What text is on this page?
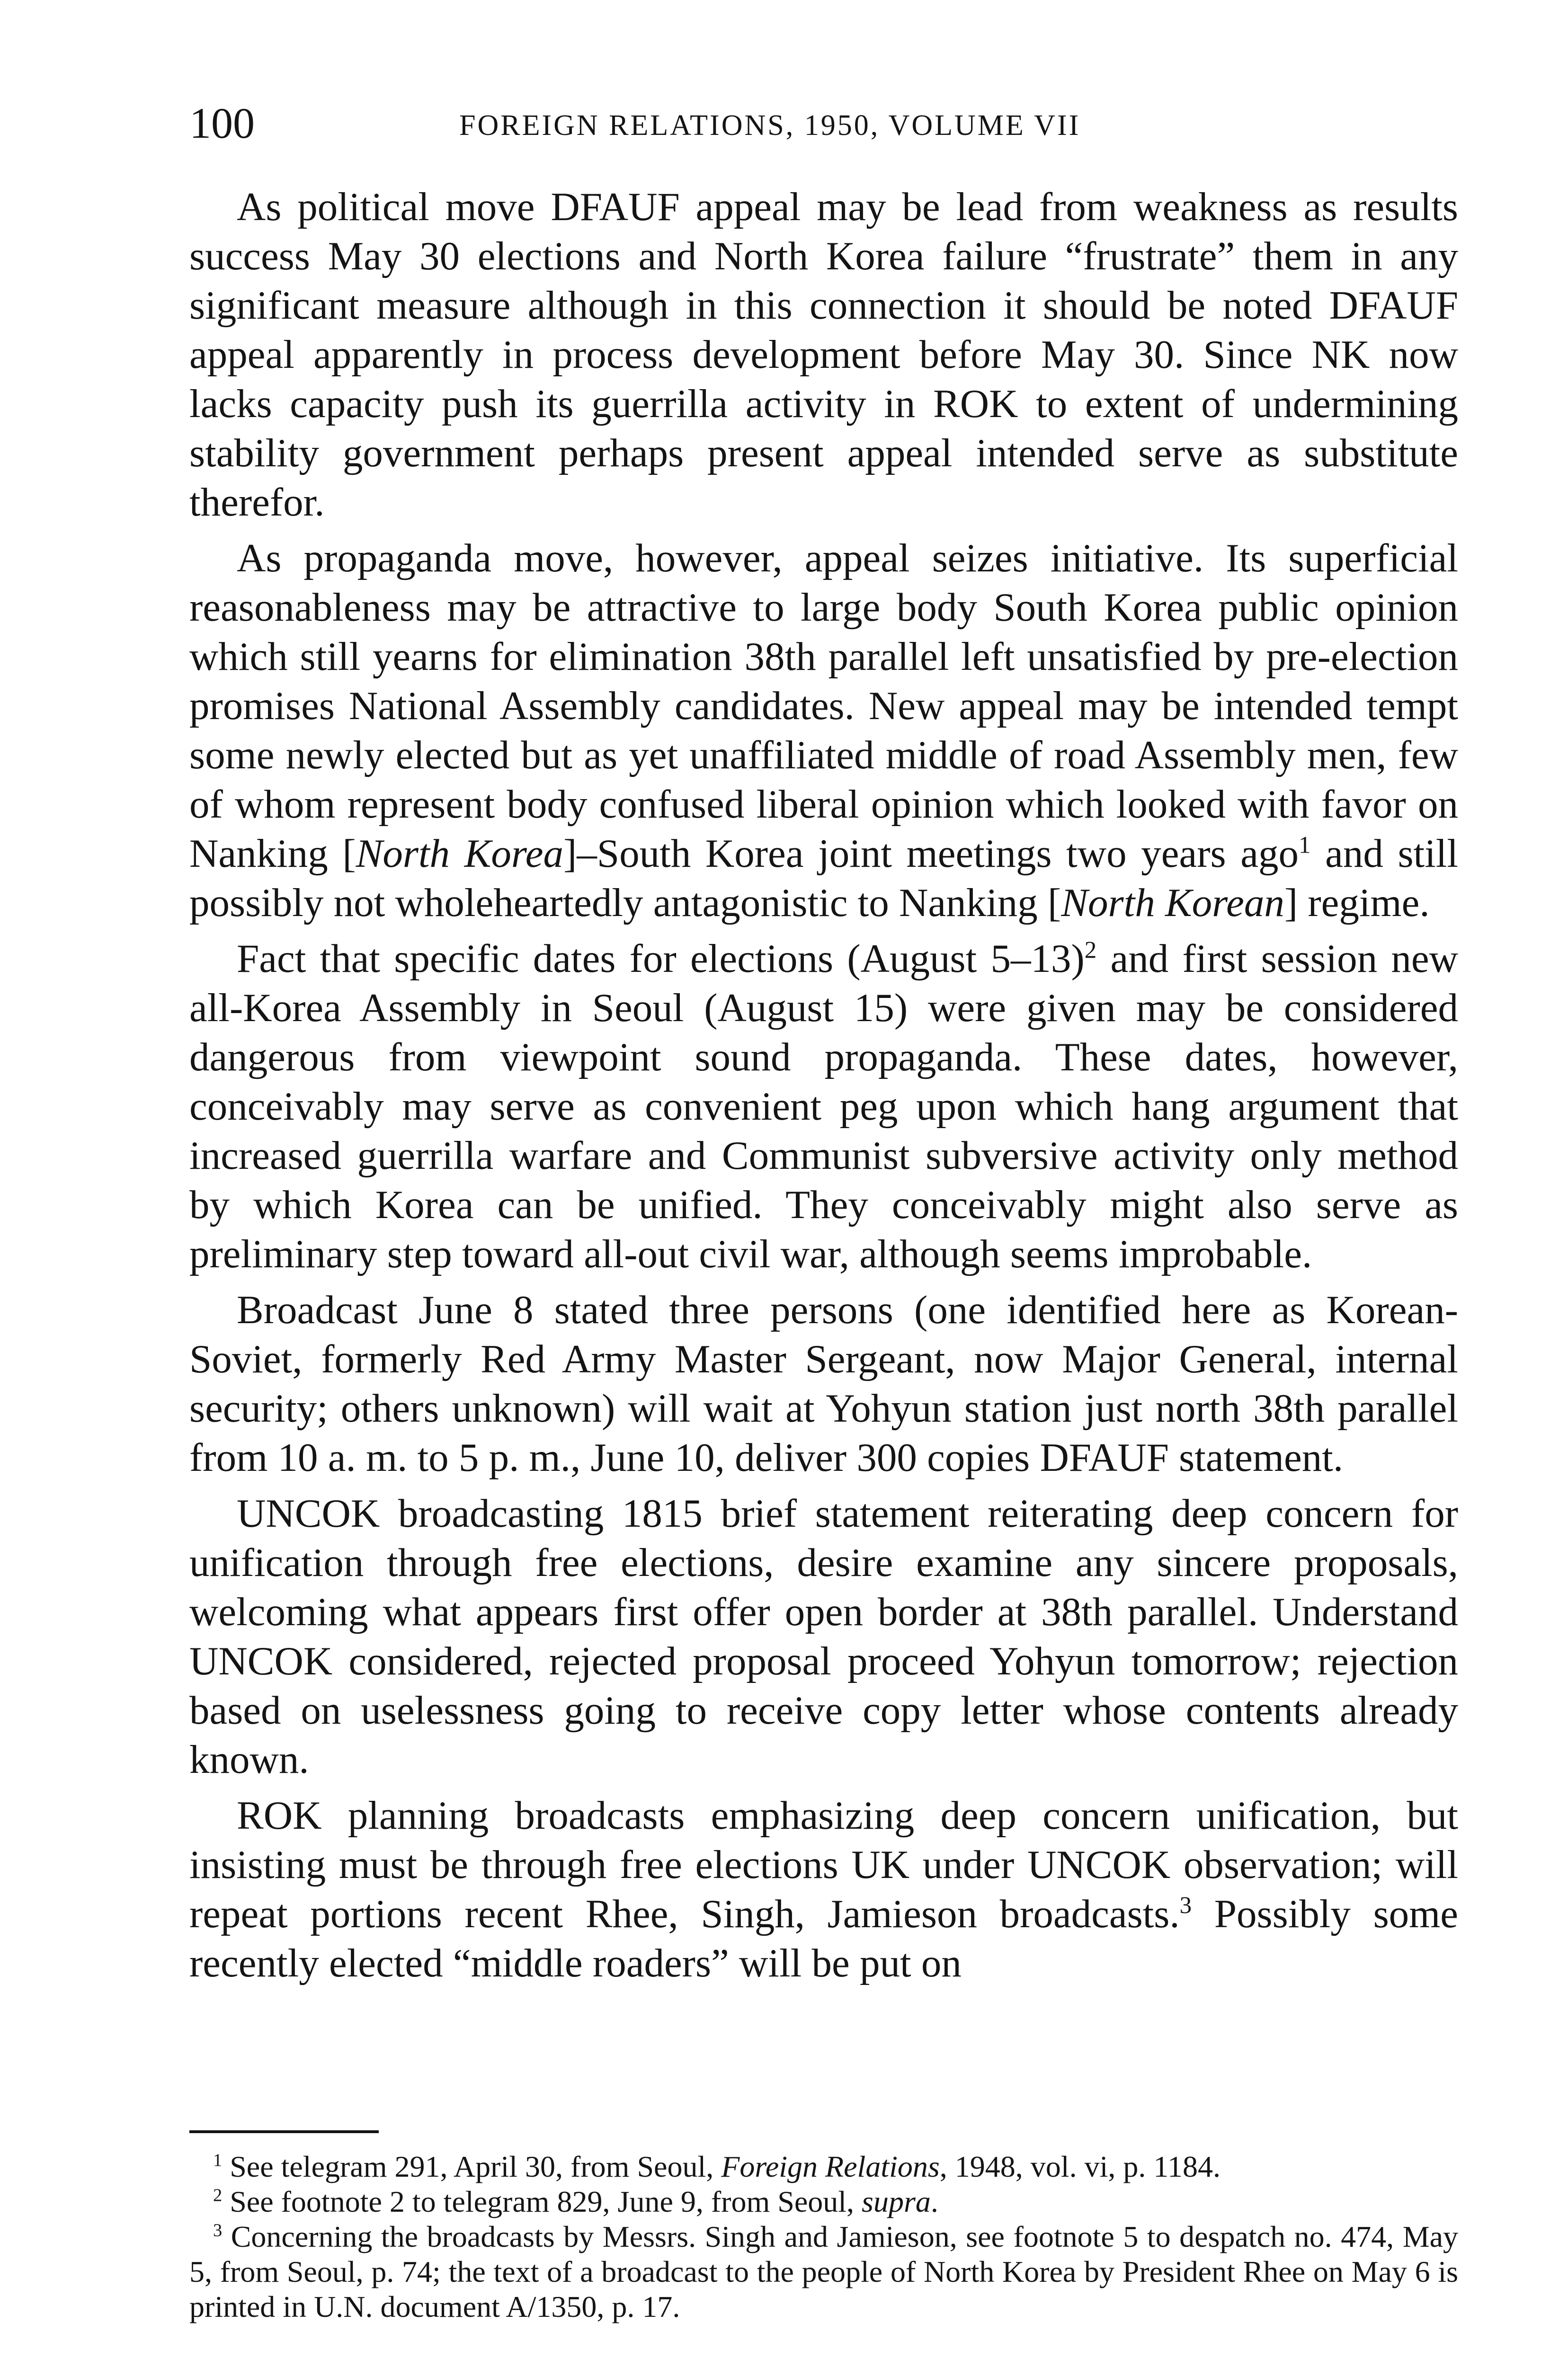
100	FOREIGN RELATIONS, 1950, VOLUME VII

As political move DFAUF appeal may be lead from weakness as results success May 30 elections and North Korea failure “frustrate” them in any significant measure although in this connection it should be noted DFAUF appeal apparently in process development before May 30. Since NK now lacks capacity push its guerrilla activity in ROK to extent of undermining stability government perhaps present appeal intended serve as substitute therefor.

As propaganda move, however, appeal seizes initiative. Its superficial reasonableness may be attractive to large body South Korea public opinion which still yearns for elimination 38th parallel left unsatisfied by pre-election promises National Assembly candidates. New appeal may be intended tempt some newly elected but as yet unaffiliated middle of road Assembly men, few of whom represent body confused liberal opinion which looked with favor on Nanking [North Korea]–South Korea joint meetings two years ago$^1$ and still possibly not wholeheartedly antagonistic to Nanking [North Korean] regime.

Fact that specific dates for elections (August 5–13)$^2$ and first session new all-Korea Assembly in Seoul (August 15) were given may be considered dangerous from viewpoint sound propaganda. These dates, however, conceivably may serve as convenient peg upon which hang argument that increased guerrilla warfare and Communist subversive activity only method by which Korea can be unified. They conceivably might also serve as preliminary step toward all-out civil war, although seems improbable.

Broadcast June 8 stated three persons (one identified here as Korean-Soviet, formerly Red Army Master Sergeant, now Major General, internal security; others unknown) will wait at Yohyun station just north 38th parallel from 10 a. m. to 5 p. m., June 10, deliver 300 copies DFAUF statement.

UNCOK broadcasting 1815 brief statement reiterating deep concern for unification through free elections, desire examine any sincere proposals, welcoming what appears first offer open border at 38th parallel. Understand UNCOK considered, rejected proposal proceed Yohyun tomorrow; rejection based on uselessness going to receive copy letter whose contents already known.

ROK planning broadcasts emphasizing deep concern unification, but insisting must be through free elections UK under UNCOK observation; will repeat portions recent Rhee, Singh, Jamieson broadcasts.$^3$ Possibly some recently elected “middle roaders” will be put on

$^1$ See telegram 291, April 30, from Seoul, Foreign Relations, 1948, vol. vi, p. 1184.

$^2$ See footnote 2 to telegram 829, June 9, from Seoul, supra.

$^3$ Concerning the broadcasts by Messrs. Singh and Jamieson, see footnote 5 to despatch no. 474, May 5, from Seoul, p. 74; the text of a broadcast to the people of North Korea by President Rhee on May 6 is printed in U.N. document A/1350, p. 17.
